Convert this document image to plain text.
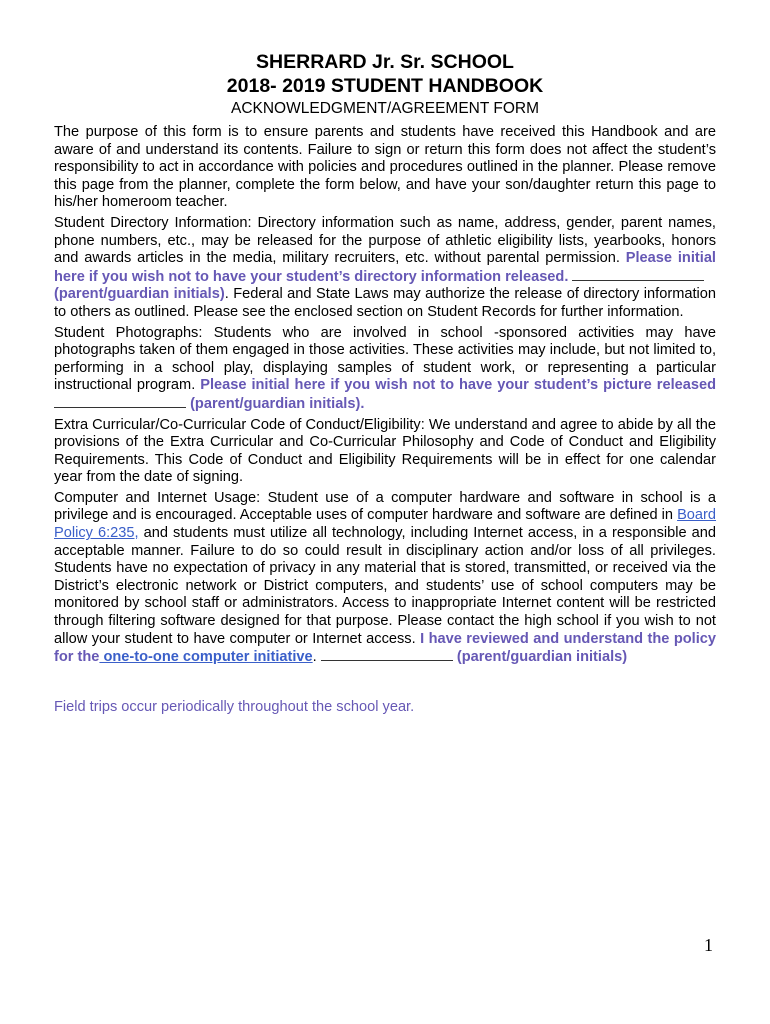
SHERRARD Jr. Sr. SCHOOL
2018- 2019 STUDENT HANDBOOK
ACKNOWLEDGMENT/AGREEMENT FORM

The purpose of this form is to ensure parents and students have received this Handbook and are aware of and understand its contents. Failure to sign or return this form does not affect the student’s responsibility to act in accordance with policies and procedures outlined in the planner. Please remove this page from the planner, complete the form below, and have your son/daughter return this page to his/her homeroom teacher.

Student Directory Information: Directory information such as name, address, gender, parent names, phone numbers, etc., may be released for the purpose of athletic eligibility lists, yearbooks, honors and awards articles in the media, military recruiters, etc. without parental permission. Please initial here if you wish not to have your student’s directory information released.
(parent/guardian initials). Federal and State Laws may authorize the release of directory information to others as outlined. Please see the enclosed section on Student Records for further information.

Student Photographs: Students who are involved in school -sponsored activities may have photographs taken of them engaged in those activities. These activities may include, but not limited to, performing in a school play, displaying samples of student work, or representing a particular instructional program. Please initial here if you wish not to have your student’s picture released  (parent/guardian initials).

Extra Curricular/Co-Curricular Code of Conduct/Eligibility: We understand and agree to abide by all the provisions of the Extra Curricular and Co-Curricular Philosophy and Code of Conduct and Eligibility Requirements. This Code of Conduct and Eligibility Requirements will be in effect for one calendar year from the date of signing.

Computer and Internet Usage: Student use of a computer hardware and software in school is a privilege and is encouraged. Acceptable uses of computer hardware and software are defined in Board Policy 6:235, and students must utilize all technology, including Internet access, in a responsible and acceptable manner. Failure to do so could result in disciplinary action and/or loss of all privileges. Students have no expectation of privacy in any material that is stored, transmitted, or received via the District’s electronic network or District computers, and students’ use of school computers may be monitored by school staff or administrators. Access to inappropriate Internet content will be restricted through filtering software designed for that purpose. Please contact the high school if you wish to not allow your student to have computer or Internet access. I have reviewed and understand the policy for the one-to-one computer initiative.	(parent/guardian initials)

Field trips occur periodically throughout the school year.
1
